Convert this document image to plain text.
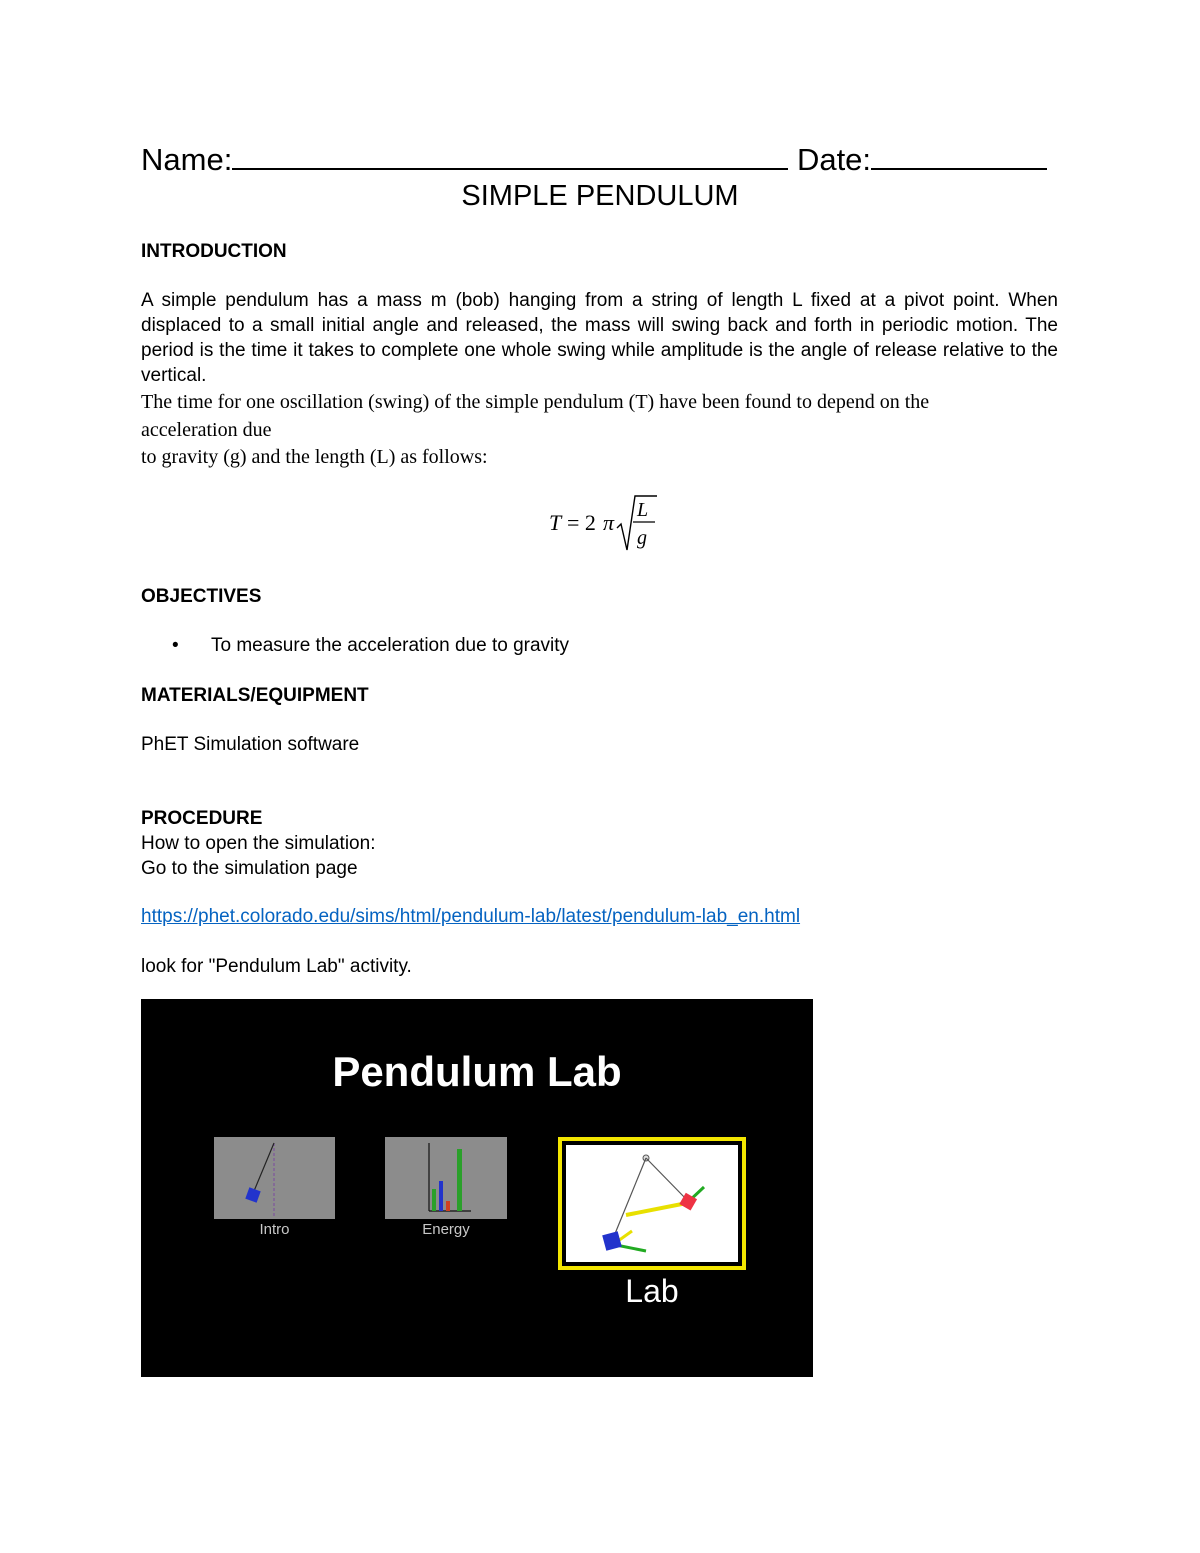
Name:	Date:
SIMPLE PENDULUM
INTRODUCTION
A simple pendulum has a mass m (bob) hanging from a string of length L fixed at a pivot point. When displaced to a small initial angle and released, the mass will swing back and forth in periodic motion. The period is the time it takes to complete one whole swing while amplitude is the angle of release relative to the vertical.
The time for one oscillation (swing) of the simple pendulum (T) have been found to depend on the
acceleration due
to gravity (g) and the length (L) as follows:
T = 2 π L
g
OBJECTIVES
• To measure the acceleration due to gravity
MATERIALS/EQUIPMENT
PhET Simulation software
PROCEDURE
How to open the simulation:
Go to the simulation page
https://phet.colorado.edu/sims/html/pendulum-lab/latest/pendulum-lab_en.html
look for "Pendulum Lab" activity.
Pendulum Lab
Intro	Energy
Lab
